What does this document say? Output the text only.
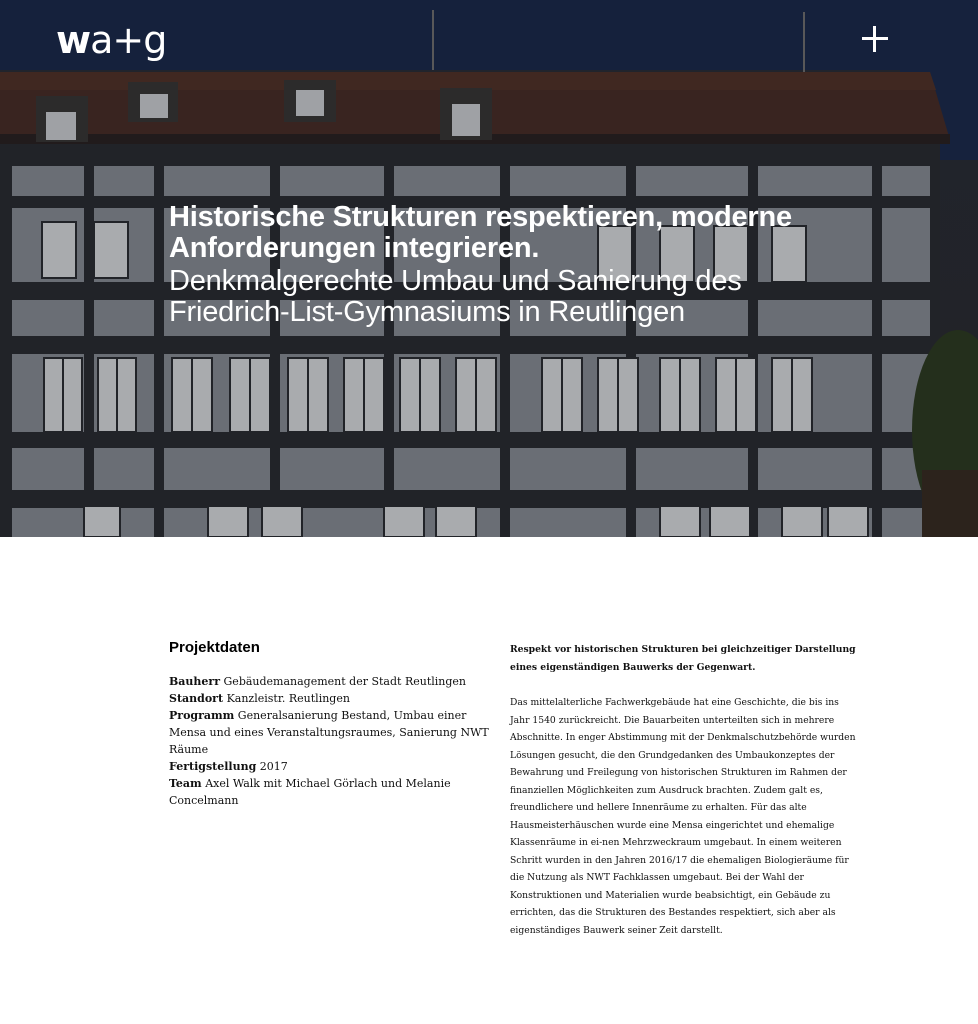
wa+g
Historische Strukturen respektieren, moderne Anforderungen integrieren.
Denkmalgerechte Umbau und Sanierung des Friedrich-List-Gymnasiums in Reutlingen
Projektdaten
Bauherr Gebäudemanagement der Stadt Reutlingen
Standort Kanzleistr. Reutlingen
Programm Generalsanierung Bestand, Umbau einer Mensa und eines Veranstaltungsraumes, Sanierung NWT Räume
Fertigstellung 2017
Team Axel Walk mit Michael Görlach und Melanie Concelmann

Respekt vor historischen Strukturen bei gleichzeitiger Darstellung eines eigenständigen Bauwerks der Gegenwart.

Das mittelalterliche Fachwerkgebäude hat eine Geschichte, die bis ins Jahr 1540 zurückreicht. Die Bauarbeiten unterteilten sich in mehrere Abschnitte. In enger Abstimmung mit der Denkmalschutzbehörde wurden Lösungen gesucht, die den Grundgedanken des Umbaukonzeptes der Bewahrung und Freilegung von historischen Strukturen im Rahmen der finanziellen Möglichkeiten zum Ausdruck brachten. Zudem galt es, freundlichere und hellere Innenräume zu erhalten. Für das alte Hausmeisterhäuschen wurde eine Mensa eingerichtet und ehemalige Klassenräume in ei-nen Mehrzweckraum umgebaut. In einem weiteren Schritt wurden in den Jahren 2016/17 die ehemaligen Biologieräume für die Nutzung als NWT Fachklassen umgebaut. Bei der Wahl der Konstruktionen und Materialien wurde beabsichtigt, ein Gebäude zu errichten, das die Strukturen des Bestandes respektiert, sich aber als eigenständiges Bauwerk seiner Zeit darstellt.
